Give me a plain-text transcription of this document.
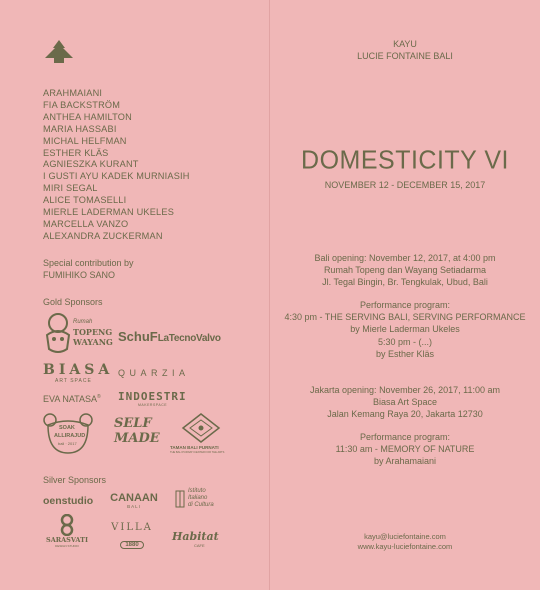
ARAHMAIANI
FIA BACKSTRÖM
ANTHEA HAMILTON
MARIA HASSABI
MICHAL HELFMAN
ESTHER KLÄS
AGNIESZKA KURANT
I GUSTI AYU KADEK MURNIASIH
MIRI SEGAL
ALICE TOMASELLI
MIERLE LADERMAN UKELES
MARCELLA VANZO
ALEXANDRA ZUCKERMAN
Special contribution by
FUMIHIKO SANO
Gold Sponsors
Rumah
TOPENG
WAYANG SchuFLaTecnoValvo
BIASA
ART SPACE
QUARZIA
EVA NATASA® INDOESTRI
MAKERSPACE
SOAK
ALLIRAJUD
bali · 2017
SELF
MADE
TAMAN BALI PURNATI
THE BALI PURNATI CENTER FOR THE ARTS
Silver Sponsors
oenstudio CANAAN
BALI
Istituto
Italiano
di Cultura
SARASVATI
DESIGN STUDIO
VILLA
1880
Habitat
CAFE
KAYU
LUCIE FONTAINE BALI
DOMESTICITY VI
NOVEMBER 12 - DECEMBER 15, 2017
Bali opening: November 12, 2017, at 4:00 pm
Rumah Topeng dan Wayang Setiadarma
Jl. Tegal Bingin, Br. Tengkulak, Ubud, Bali
Performance program:
4:30 pm - THE SERVING BALI, SERVING PERFORMANCE
by Mierle Laderman Ukeles
5:30 pm - (...)
by Esther Kläs
Jakarta opening: November 26, 2017, 11:00 am
Biasa Art Space
Jalan Kemang Raya 20, Jakarta 12730
Performance program:
11:30 am - MEMORY OF NATURE
by Arahamaiani
kayu@luciefontaine.com
www.kayu-luciefontaine.com
